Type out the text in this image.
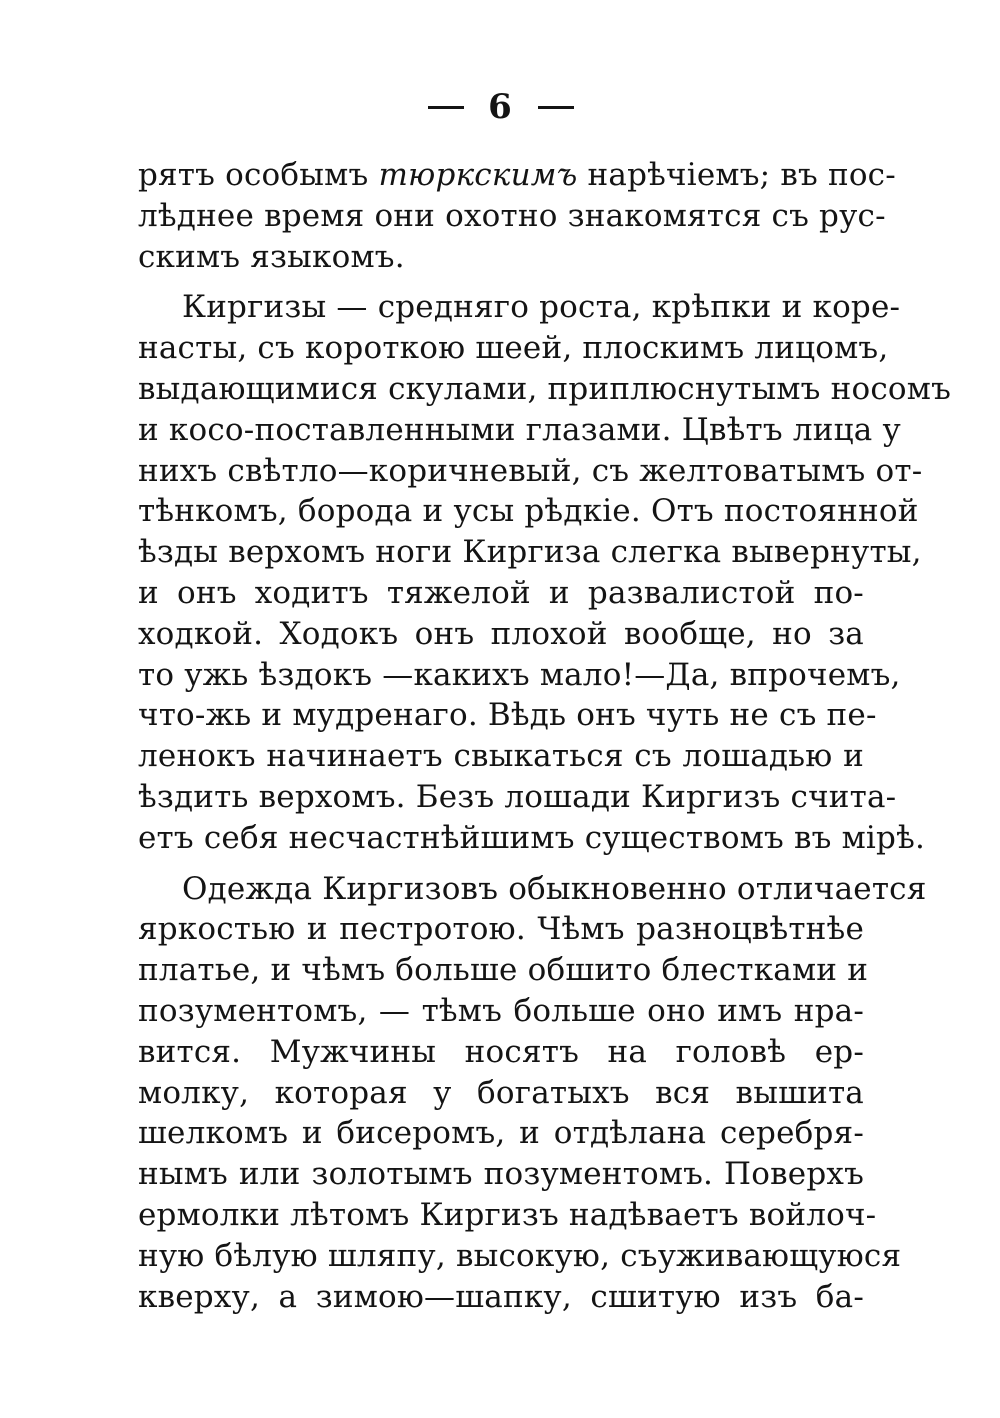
6
рятъ особымъ тюркскимъ нарѣчіемъ; въ пос-
лѣднее время они охотно знакомятся съ рус-
скимъ языкомъ.
Киргизы — средняго роста, крѣпки и коре-
насты, съ короткою шеей, плоскимъ лицомъ,
выдающимися скулами, приплюснутымъ носомъ
и косо-поставленными глазами. Цвѣтъ лица у
нихъ свѣтло—коричневый, съ желтоватымъ от-
тѣнкомъ, борода и усы рѣдкіе. Отъ постоянной
ѣзды верхомъ ноги Киргиза слегка вывернуты,
и онъ ходитъ тяжелой и развалистой по-
ходкой. Ходокъ онъ плохой вообще, но за
то ужь ѣздокъ —какихъ мало!—Да, впрочемъ,
что-жь и мудренаго. Вѣдь онъ чуть не съ пе-
ленокъ начинаетъ свыкаться съ лошадью и
ѣздить верхомъ. Безъ лошади Киргизъ счита-
етъ себя несчастнѣйшимъ существомъ въ мірѣ.
Одежда Киргизовъ обыкновенно отличается
яркостью и пестротою. Чѣмъ разноцвѣтнѣе
платье, и чѣмъ больше обшито блестками и
позументомъ, — тѣмъ больше оно имъ нра-
вится. Мужчины носятъ на головѣ ер-
молку, которая у богатыхъ вся вышита
шелкомъ и бисеромъ, и отдѣлана серебря-
нымъ или золотымъ позументомъ. Поверхъ
ермолки лѣтомъ Киргизъ надѣваетъ войлоч-
ную бѣлую шляпу, высокую, съуживающуюся
кверху, а зимою—шапку, сшитую изъ ба-
